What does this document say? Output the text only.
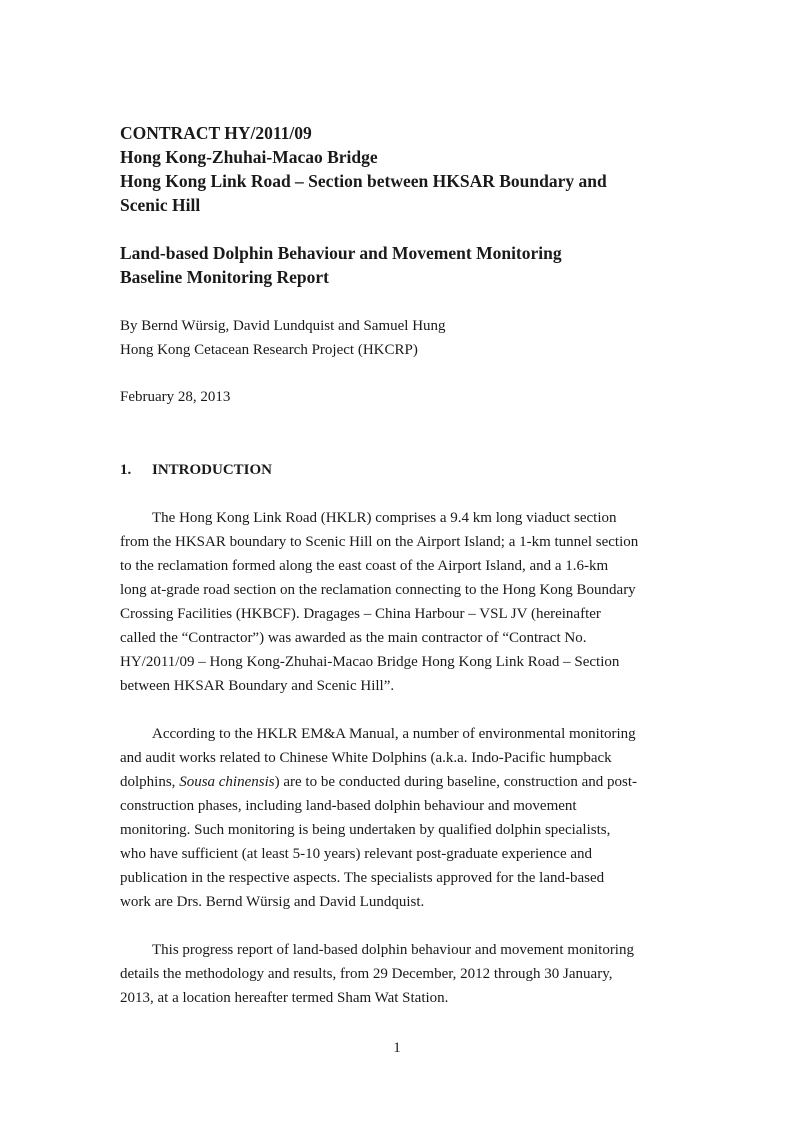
CONTRACT HY/2011/09
Hong Kong-Zhuhai-Macao Bridge
Hong Kong Link Road – Section between HKSAR Boundary and
Scenic Hill
Land-based Dolphin Behaviour and Movement Monitoring
Baseline Monitoring Report
By Bernd Würsig, David Lundquist and Samuel Hung
Hong Kong Cetacean Research Project (HKCRP)
February 28, 2013
1. INTRODUCTION
The Hong Kong Link Road (HKLR) comprises a 9.4 km long viaduct section
from the HKSAR boundary to Scenic Hill on the Airport Island; a 1-km tunnel section
to the reclamation formed along the east coast of the Airport Island, and a 1.6-km
long at-grade road section on the reclamation connecting to the Hong Kong Boundary
Crossing Facilities (HKBCF). Dragages – China Harbour – VSL JV (hereinafter
called the “Contractor”) was awarded as the main contractor of “Contract No.
HY/2011/09 – Hong Kong-Zhuhai-Macao Bridge Hong Kong Link Road – Section
between HKSAR Boundary and Scenic Hill”.
According to the HKLR EM&A Manual, a number of environmental monitoring
and audit works related to Chinese White Dolphins (a.k.a. Indo-Pacific humpback
dolphins, Sousa chinensis) are to be conducted during baseline, construction and post-
construction phases, including land-based dolphin behaviour and movement
monitoring. Such monitoring is being undertaken by qualified dolphin specialists,
who have sufficient (at least 5-10 years) relevant post-graduate experience and
publication in the respective aspects. The specialists approved for the land-based
work are Drs. Bernd Würsig and David Lundquist.
This progress report of land-based dolphin behaviour and movement monitoring
details the methodology and results, from 29 December, 2012 through 30 January,
2013, at a location hereafter termed Sham Wat Station.
1
